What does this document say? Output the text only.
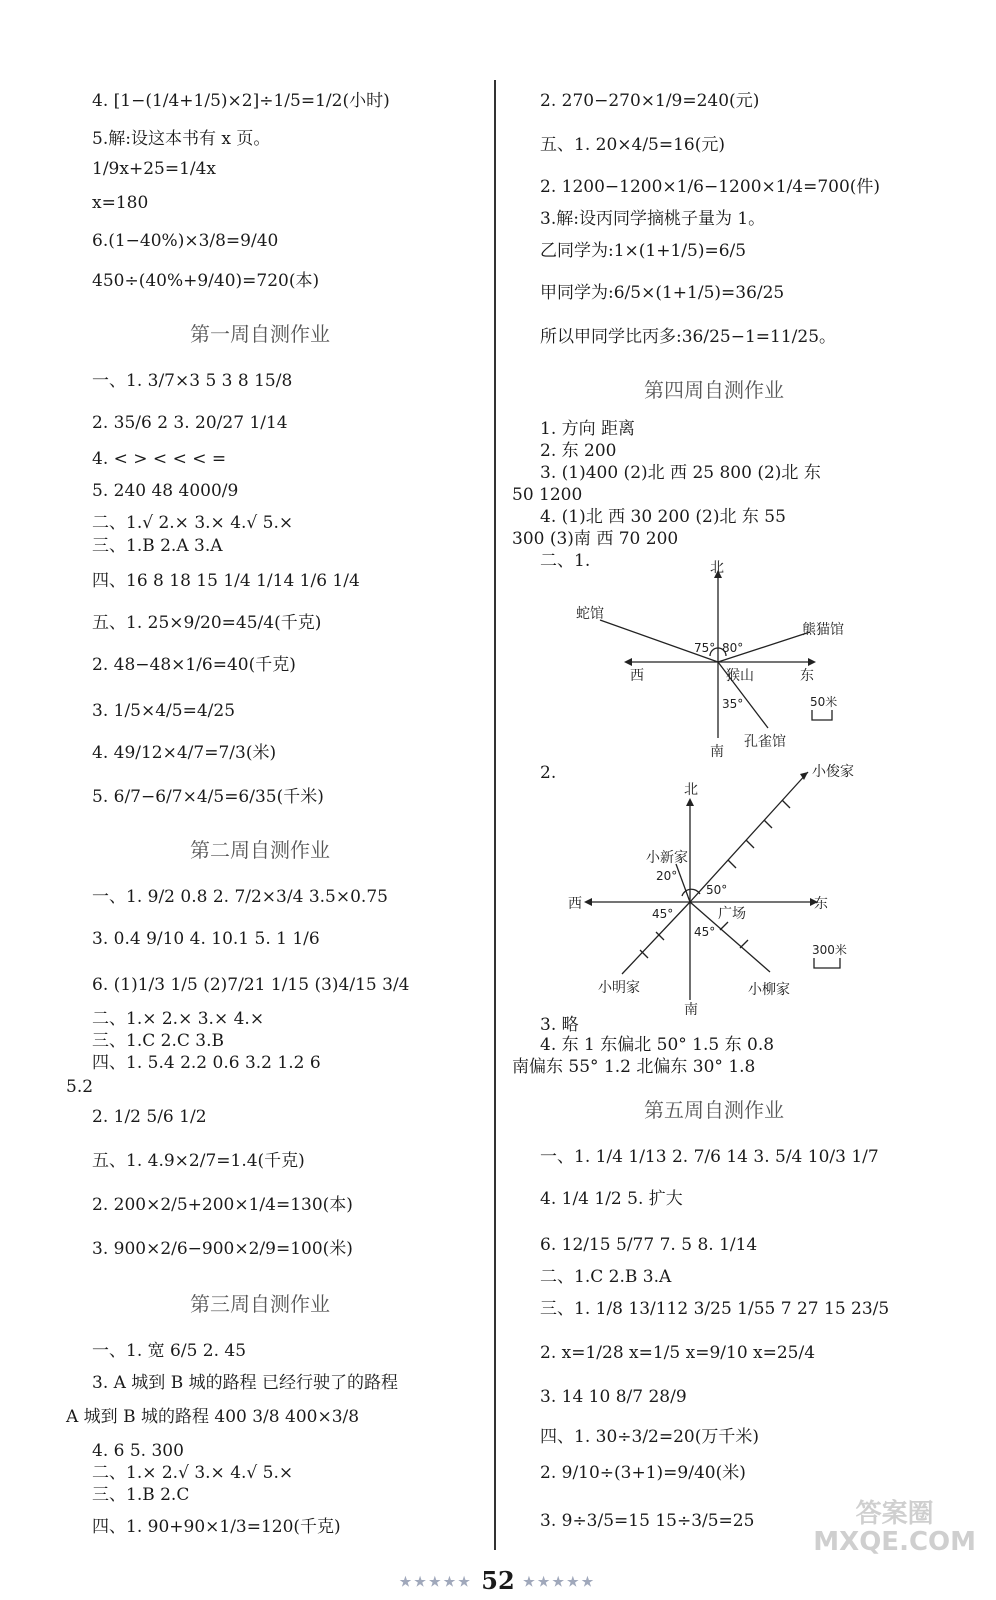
4. [1−(1/4+1/5)×2]÷1/5=1/2(小时)
5.解:设这本书有 x 页。
1/9x+25=1/4x
x=180
6.(1−40%)×3/8=9/40
450÷(40%+9/40)=720(本)
第一周自测作业
一、1. 3/7×3 5 3 8 15/8
2. 35/6 2 3. 20/27 1/14
4. < > < < < =
5. 240 48 4000/9
二、1.√ 2.× 3.× 4.√ 5.×
三、1.B 2.A 3.A
四、16 8 18 15 1/4 1/14 1/6 1/4
五、1. 25×9/20=45/4(千克)
2. 48−48×1/6=40(千克)
3. 1/5×4/5=4/25
4. 49/12×4/7=7/3(米)
5. 6/7−6/7×4/5=6/35(千米)
第二周自测作业
一、1. 9/2 0.8 2. 7/2×3/4 3.5×0.75
3. 0.4 9/10 4. 10.1 5. 1 1/6
6. (1)1/3 1/5 (2)7/21 1/15 (3)4/15 3/4
二、1.× 2.× 3.× 4.×
三、1.C 2.C 3.B
四、1. 5.4 2.2 0.6 3.2 1.2 6
5.2
2. 1/2 5/6 1/2
五、1. 4.9×2/7=1.4(千克)
2. 200×2/5+200×1/4=130(本)
3. 900×2/6−900×2/9=100(米)
第三周自测作业
一、1. 宽 6/5 2. 45
3. A 城到 B 城的路程 已经行驶了的路程
A 城到 B 城的路程 400 3/8 400×3/8
4. 6 5. 300
二、1.× 2.√ 3.× 4.√ 5.×
三、1.B 2.C
四、1. 90+90×1/3=120(千克)
2. 270−270×1/9=240(元)
五、1. 20×4/5=16(元)
2. 1200−1200×1/6−1200×1/4=700(件)
3.解:设丙同学摘桃子量为 1。
乙同学为:1×(1+1/5)=6/5
甲同学为:6/5×(1+1/5)=36/25
所以甲同学比丙多:36/25−1=11/25。
第四周自测作业
1. 方向 距离
2. 东 200
3. (1)400 (2)北 西 25 800 (2)北 东
50 1200
4. (1)北 西 30 200 (2)北 东 55
300 (3)南 西 70 200
二、1.	北
南
西	东
蛇馆
熊猫馆
猴山
孔雀馆
75° 80°
35°	50米
2.
北
南
西	东
小俊家
小新家
广场
小明家	小柳家
20°
50°
45°
45°
300米
3. 略
4. 东 1 东偏北 50° 1.5 东 0.8
南偏东 55° 1.2 北偏东 30° 1.8
第五周自测作业
一、1. 1/4 1/13 2. 7/6 14 3. 5/4 10/3 1/7
4. 1/4 1/2 5. 扩大
6. 12/15 5/77 7. 5 8. 1/14
二、1.C 2.B 3.A
三、1. 1/8 13/112 3/25 1/55 7 27 15 23/5
2. x=1/28 x=1/5 x=9/10 x=25/4
3. 14 10 8/7 28/9
四、1. 30÷3/2=20(万千米)
2. 9/10÷(3+1)=9/40(米)
3. 9÷3/5=15 15÷3/5=25	答案圈
MXQE.COM
★★★★★ 52 ★★★★★
